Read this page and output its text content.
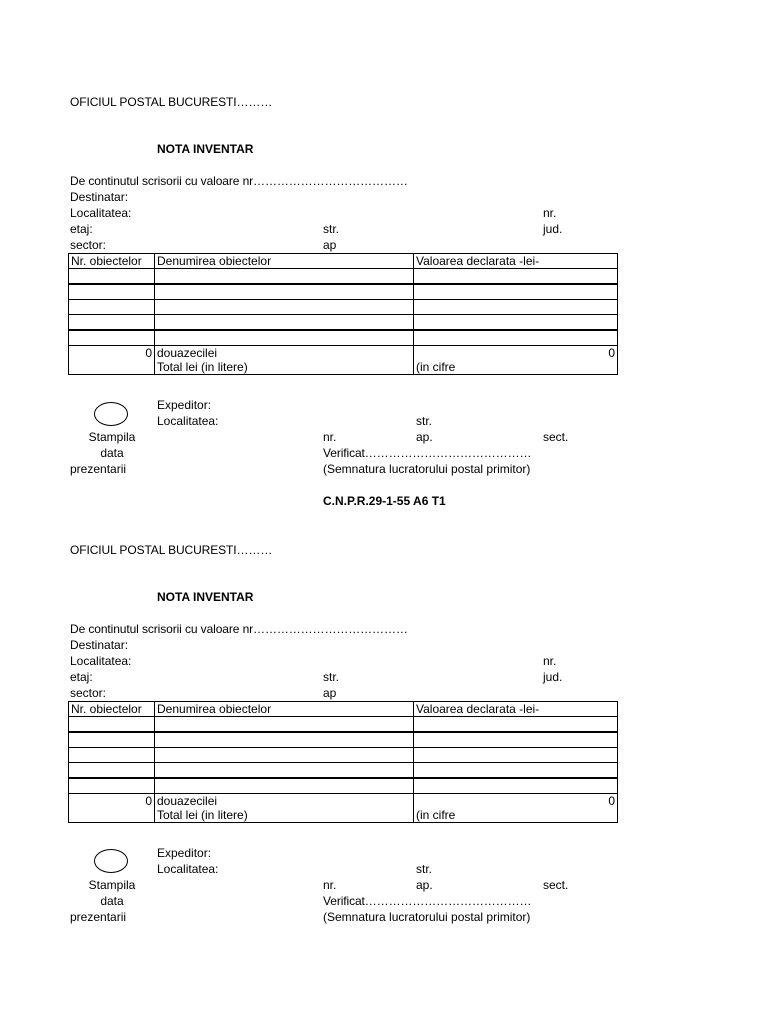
OFICIUL POSTAL BUCURESTI………
NOTA INVENTAR
De continutul scrisorii cu valoare nr…………………………………
Destinatar:
Localitatea:	nr.
etaj:	str.	jud.
sector:	ap
Nr. obiectelor	Denumirea obiectelor	Valoarea declarata -lei-

0	douazecilei	0
	Total lei (in litere)	(in cifre
Expeditor:
Localitatea:	str.
Stampila	nr.	ap.	sect.
data	Verificat……………………………………
prezentarii	(Semnatura lucratorului postal primitor)
C.N.P.R.29-1-55 A6 T1
OFICIUL POSTAL BUCURESTI………
NOTA INVENTAR
De continutul scrisorii cu valoare nr…………………………………
Destinatar:
Localitatea:	nr.
etaj:	str.	jud.
sector:	ap
Nr. obiectelor	Denumirea obiectelor	Valoarea declarata -lei-

0	douazecilei	0
	Total lei (in litere)	(in cifre
Expeditor:
Localitatea:	str.
Stampila	nr.	ap.	sect.
data	Verificat……………………………………
prezentarii	(Semnatura lucratorului postal primitor)
